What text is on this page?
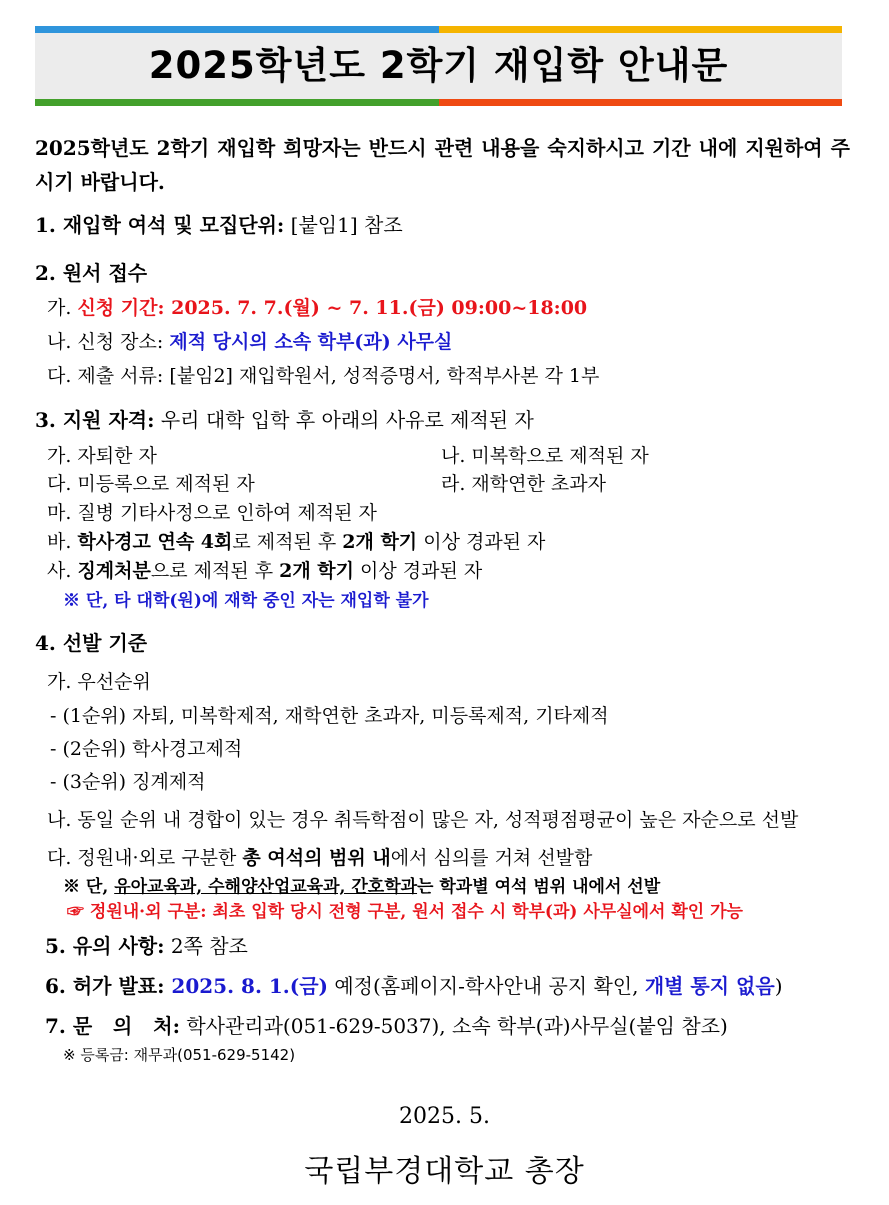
2025학년도 2학기 재입학 안내문
2025학년도 2학기 재입학 희망자는 반드시 관련 내용을 숙지하시고 기간 내에 지원하여 주시기 바랍니다.
1. 재입학 여석 및 모집단위: [붙임1] 참조
2. 원서 접수
가. 신청 기간: 2025. 7. 7.(월) ~ 7. 11.(금) 09:00~18:00
나. 신청 장소: 제적 당시의 소속 학부(과) 사무실
다. 제출 서류: [붙임2] 재입학원서, 성적증명서, 학적부사본 각 1부
3. 지원 자격: 우리 대학 입학 후 아래의 사유로 제적된 자
가. 자퇴한 자	나. 미복학으로 제적된 자
다. 미등록으로 제적된 자	라. 재학연한 초과자
마. 질병 기타사정으로 인하여 제적된 자
바. 학사경고 연속 4회로 제적된 후 2개 학기 이상 경과된 자
사. 징계처분으로 제적된 후 2개 학기 이상 경과된 자
※ 단, 타 대학(원)에 재학 중인 자는 재입학 불가
4. 선발 기준
가. 우선순위
- (1순위) 자퇴, 미복학제적, 재학연한 초과자, 미등록제적, 기타제적
- (2순위) 학사경고제적
- (3순위) 징계제적
나. 동일 순위 내 경합이 있는 경우 취득학점이 많은 자, 성적평점평균이 높은 자순으로 선발
다. 정원내·외로 구분한 총 여석의 범위 내에서 심의를 거쳐 선발함
※ 단, 유아교육과, 수해양산업교육과, 간호학과는 학과별 여석 범위 내에서 선발
☞ 정원내·외 구분: 최초 입학 당시 전형 구분, 원서 접수 시 학부(과) 사무실에서 확인 가능
5. 유의 사항: 2쪽 참조
6. 허가 발표: 2025. 8. 1.(금) 예정(홈페이지-학사안내 공지 확인, 개별 통지 없음)
7. 문   의   처: 학사관리과(051-629-5037), 소속 학부(과)사무실(붙임 참조)
※ 등록금: 재무과(051-629-5142)
2025. 5.
국립부경대학교 총장
